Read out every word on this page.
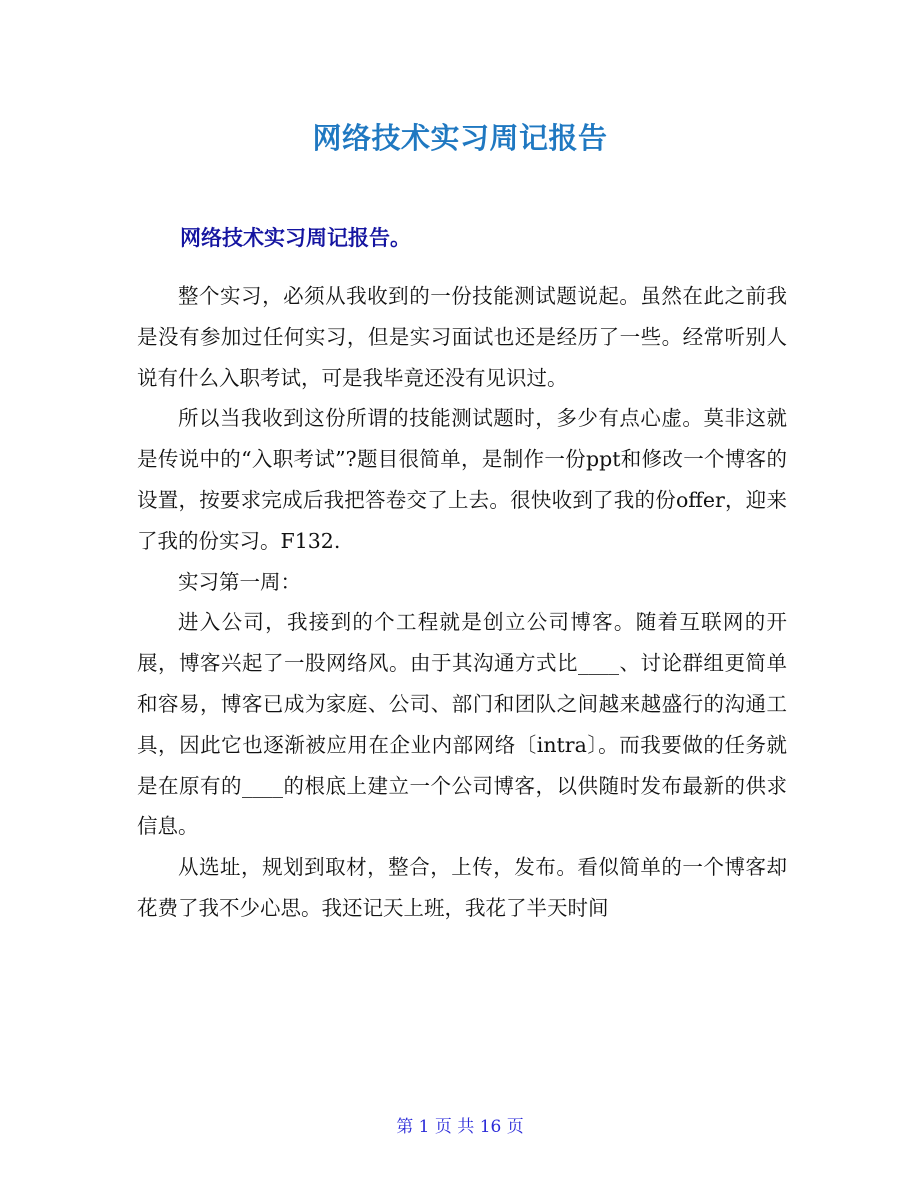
网络技术实习周记报告
网络技术实习周记报告。

整个实习，必须从我收到的一份技能测试题说起。虽然在此之前我是没有参加过任何实习，但是实习面试也还是经历了一些。经常听别人说有什么入职考试，可是我毕竟还没有见识过。

所以当我收到这份所谓的技能测试题时，多少有点心虚。莫非这就是传说中的“入职考试”?题目很简单，是制作一份ppt和修改一个博客的设置，按要求完成后我把答卷交了上去。很快收到了我的份offer，迎来了我的份实习。F132.

实习第一周：

进入公司，我接到的个工程就是创立公司博客。随着互联网的开展，博客兴起了一股网络风。由于其沟通方式比____、讨论群组更简单和容易，博客已成为家庭、公司、部门和团队之间越来越盛行的沟通工具，因此它也逐渐被应用在企业内部网络〔intra〕。而我要做的任务就是在原有的____的根底上建立一个公司博客，以供随时发布最新的供求信息。

从选址，规划到取材，整合，上传，发布。看似简单的一个博客却花费了我不少心思。我还记天上班，我花了半天时间

第 1 页 共 16 页
